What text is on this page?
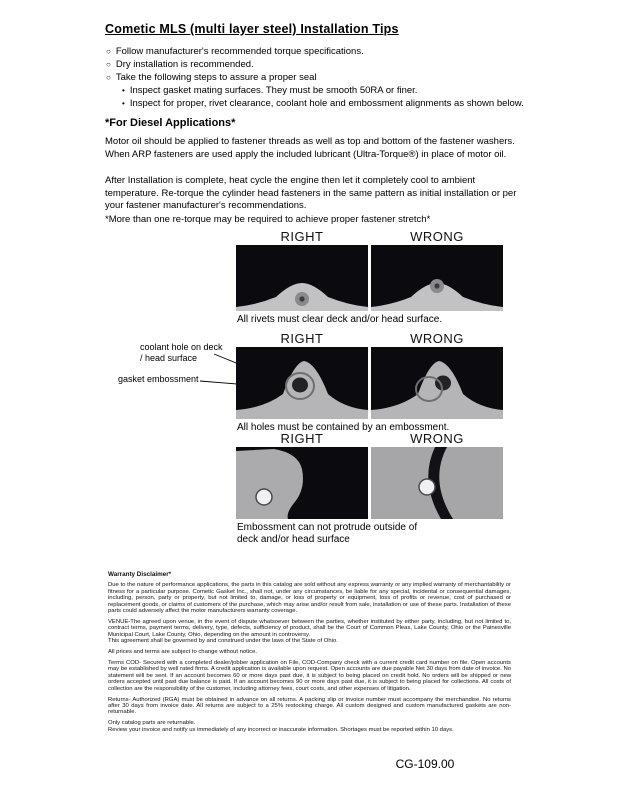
Cometic MLS (multi layer steel) Installation Tips
○ Follow manufacturer's recommended torque specifications.
○ Dry installation is recommended.
○ Take the following steps to assure a proper seal
• Inspect gasket mating surfaces. They must be smooth 50RA or finer.
• Inspect for proper, rivet clearance, coolant hole and embossment alignments as shown below.
*For Diesel Applications*
Motor oil should be applied to fastener threads as well as top and bottom of the fastener washers. When ARP fasteners are used apply the included lubricant (Ultra-Torque®) in place of motor oil.
After Installation is complete, heat cycle the engine then let it completely cool to ambient temperature. Re-torque the cylinder head fasteners in the same pattern as initial installation or per your fastener manufacturer's recommendations.
*More than one re-torque may be required to achieve proper fastener stretch*
RIGHT	WRONG
All rivets must clear deck and/or head surface.
RIGHT	WRONG
coolant hole on deck / head surface
gasket embossment
All holes must be contained by an embossment.
RIGHT	WRONG
Embossment can not protrude outside of deck and/or head surface
Warranty Disclaimer*

Due to the nature of performance applications, the parts in this catalog are sold without any express warranty or any implied warranty of merchantability or fitness for a particular purpose. Cometic Gasket Inc., shall not, under any circumstances, be liable for any special, incidental or consequential damages, including, person, party or property, but not limited to, damage, or loss of property or equipment, loss of profits or revenue, cost of purchased or replacement goods, or claims of customers of the purchase, which may arise and/or result from sale, installation or use of these parts. Installation of these parts could adversely affect the motor manufacturers warranty coverage.

VENUE-The agreed upon venue, in the event of dispute whatsoever between the parties, whether instituted by either party, including, but not limited to, contract terms, payment terms, delivery, type, defects, sufficiency of product, shall be the Court of Common Pleas, Lake County, Ohio or the Painesville Municipal Court, Lake County, Ohio, depending on the amount in controversy.
This agreement shall be governed by and construed under the laws of the State of Ohio.

All prices and terms are subject to change without notice.

Terms COD- Secured with a completed dealer/jobber application on File, COD-Company check with a current credit card number on file. Open accounts may be established by well rated firms. A credit application is available upon request. Open accounts are due payable Net 30 days from date of invoice. No statement will be sent. If an account becomes 60 or more days past due, it is subject to being placed on credit hold. No orders will be shipped or new orders accepted until past due balance is paid. If an account becomes 90 or more days past due, it is subject to being placed for collections. All costs of collection are the responsibility of the customer, including attorney fees, court costs, and other expenses of litigation.

Returns- Authorized (RGA) must be obtained in advance on all returns. A packing slip or invoice number must accompany the merchandise. No returns after 30 days from invoice date. All returns are subject to a 25% restocking charge. All custom designed and custom manufactured gaskets are non-returnable.

Only catalog parts are returnable.
Review your invoice and notify us immediately of any incorrect or inaccurate information. Shortages must be reported within 10 days.

CG-109.00
